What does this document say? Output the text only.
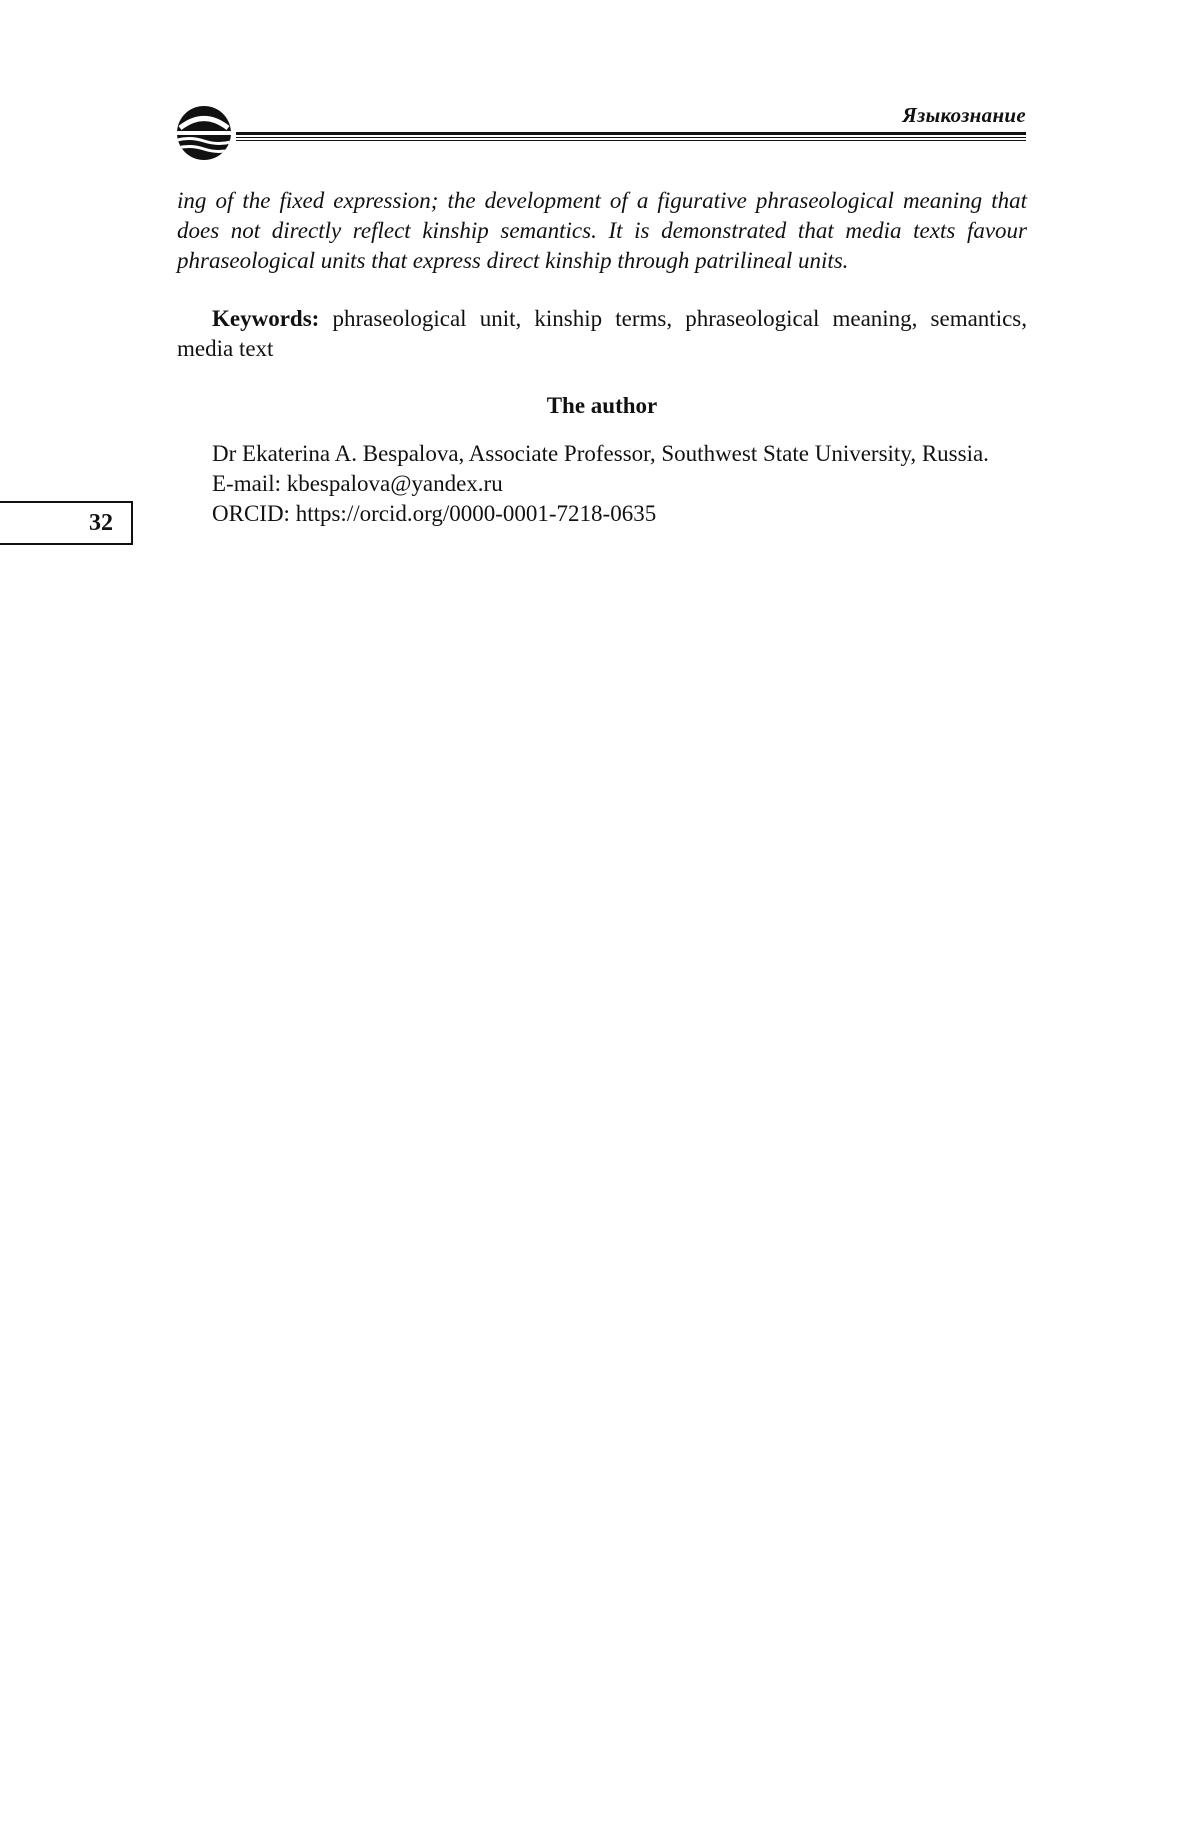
Языкознание

ing of the fixed expression; the development of a figurative phraseological meaning that does not directly reflect kinship semantics. It is demonstrated that media texts favour phraseological units that express direct kinship through patrilineal units.

Keywords: phraseological unit, kinship terms, phraseological meaning, semantics, media text

The author

Dr Ekaterina A. Bespalova, Associate Professor, Southwest State University, Russia.

E-mail: kbespalova@yandex.ru

ORCID: https://orcid.org/0000-0001-7218-0635

32
